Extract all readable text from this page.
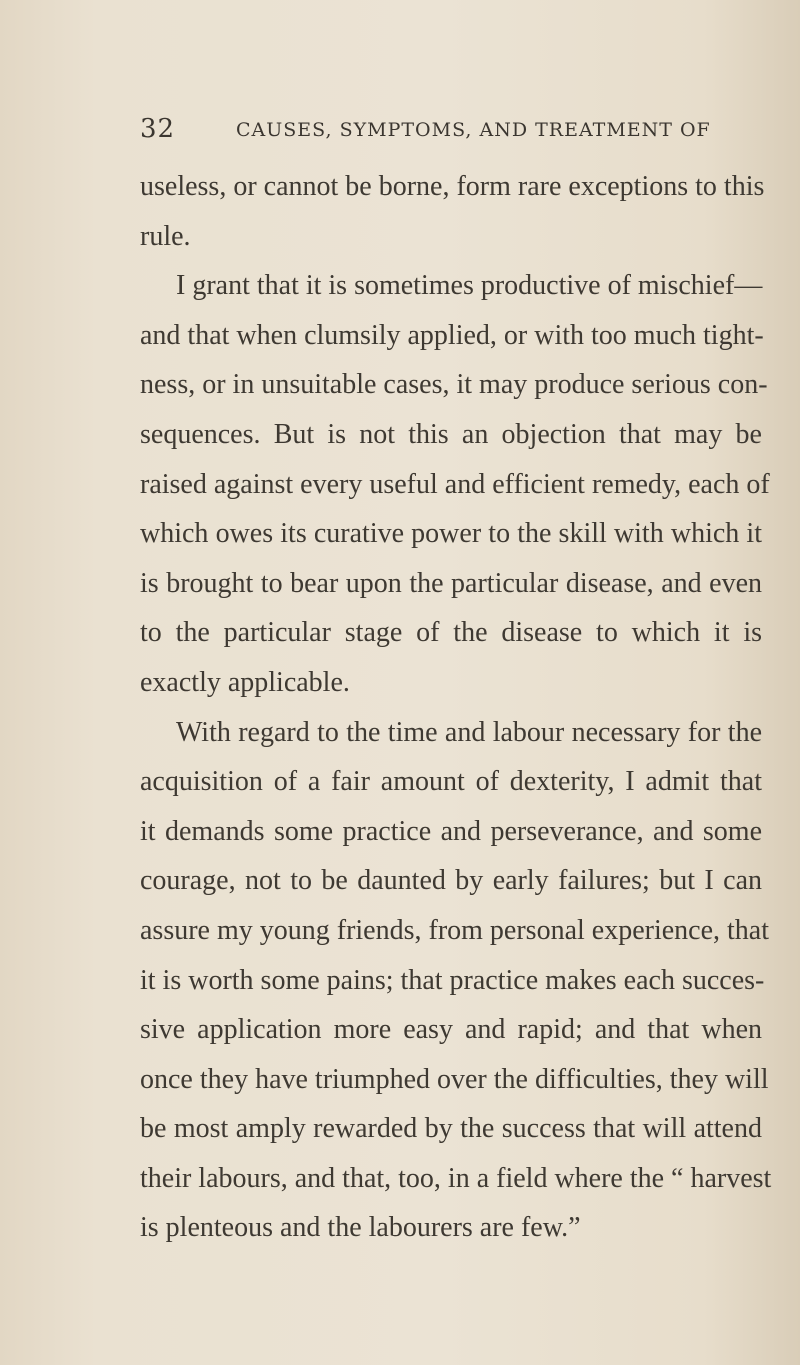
32	CAUSES, SYMPTOMS, AND TREATMENT OF
useless, or cannot be borne, form rare exceptions to this
rule.
I grant that it is sometimes productive of mischief—
and that when clumsily applied, or with too much tight-
ness, or in unsuitable cases, it may produce serious con-
sequences. But is not this an objection that may be
raised against every useful and efficient remedy, each of
which owes its curative power to the skill with which it
is brought to bear upon the particular disease, and even
to the particular stage of the disease to which it is
exactly applicable.
With regard to the time and labour necessary for the
acquisition of a fair amount of dexterity, I admit that
it demands some practice and perseverance, and some
courage, not to be daunted by early failures; but I can
assure my young friends, from personal experience, that
it is worth some pains; that practice makes each succes-
sive application more easy and rapid; and that when
once they have triumphed over the difficulties, they will
be most amply rewarded by the success that will attend
their labours, and that, too, in a field where the “ harvest
is plenteous and the labourers are few.”
